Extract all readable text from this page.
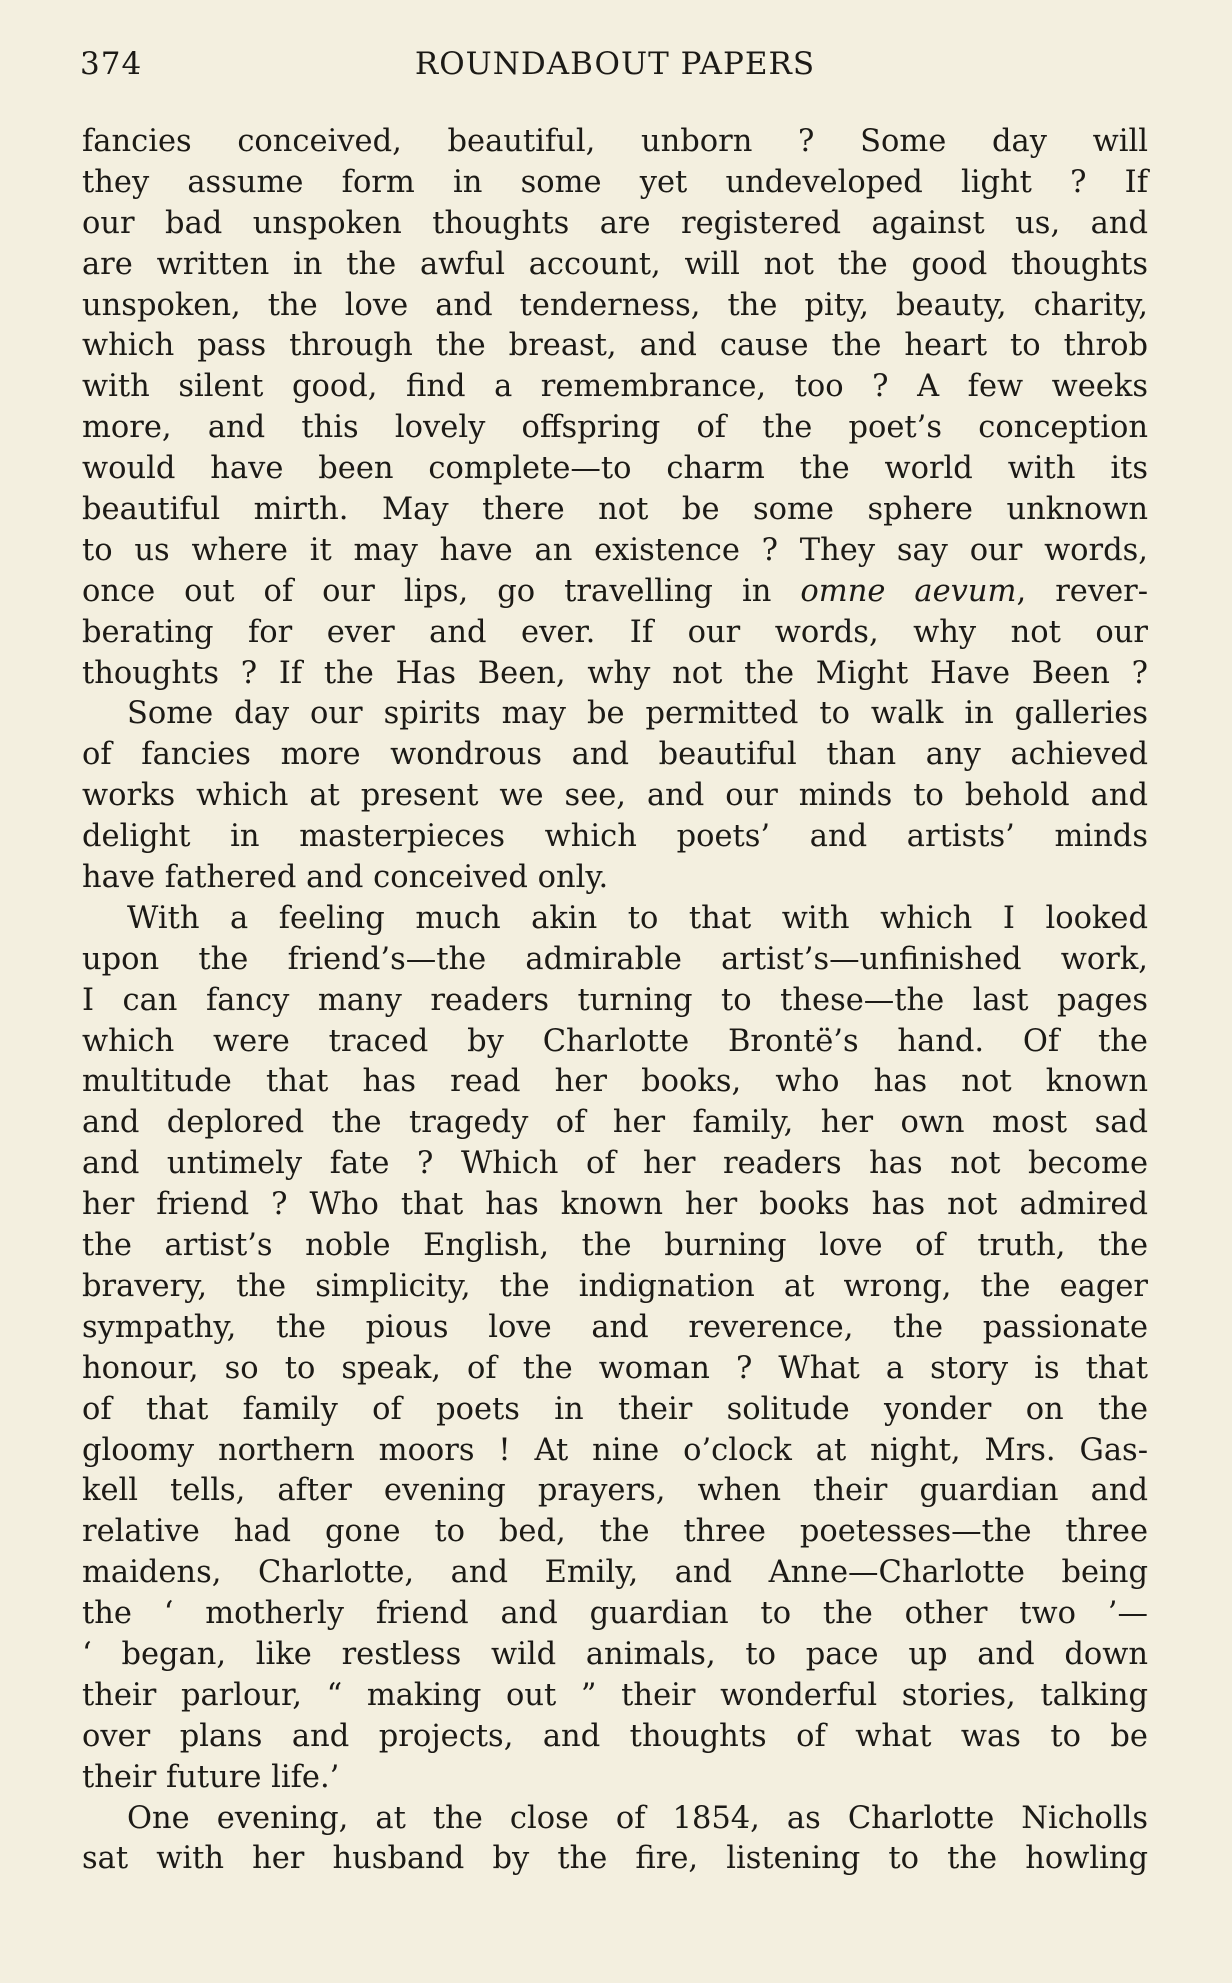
374	ROUNDABOUT PAPERS
fancies conceived, beautiful, unborn ? Some day will
they assume form in some yet undeveloped light ? If
our bad unspoken thoughts are registered against us, and
are written in the awful account, will not the good thoughts
unspoken, the love and tenderness, the pity, beauty, charity,
which pass through the breast, and cause the heart to throb
with silent good, find a remembrance, too ? A few weeks
more, and this lovely offspring of the poet’s conception
would have been complete—to charm the world with its
beautiful mirth. May there not be some sphere unknown
to us where it may have an existence ? They say our words,
once out of our lips, go travelling in omne aevum, rever-
berating for ever and ever. If our words, why not our
thoughts ? If the Has Been, why not the Might Have Been ?
Some day our spirits may be permitted to walk in galleries
of fancies more wondrous and beautiful than any achieved
works which at present we see, and our minds to behold and
delight in masterpieces which poets’ and artists’ minds
have fathered and conceived only.
With a feeling much akin to that with which I looked
upon the friend’s—the admirable artist’s—unfinished work,
I can fancy many readers turning to these—the last pages
which were traced by Charlotte Brontë’s hand. Of the
multitude that has read her books, who has not known
and deplored the tragedy of her family, her own most sad
and untimely fate ? Which of her readers has not become
her friend ? Who that has known her books has not admired
the artist’s noble English, the burning love of truth, the
bravery, the simplicity, the indignation at wrong, the eager
sympathy, the pious love and reverence, the passionate
honour, so to speak, of the woman ? What a story is that
of that family of poets in their solitude yonder on the
gloomy northern moors ! At nine o’clock at night, Mrs. Gas-
kell tells, after evening prayers, when their guardian and
relative had gone to bed, the three poetesses—the three
maidens, Charlotte, and Emily, and Anne—Charlotte being
the ‘ motherly friend and guardian to the other two ’—
‘ began, like restless wild animals, to pace up and down
their parlour, “ making out ” their wonderful stories, talking
over plans and projects, and thoughts of what was to be
their future life.’
One evening, at the close of 1854, as Charlotte Nicholls
sat with her husband by the fire, listening to the howling
